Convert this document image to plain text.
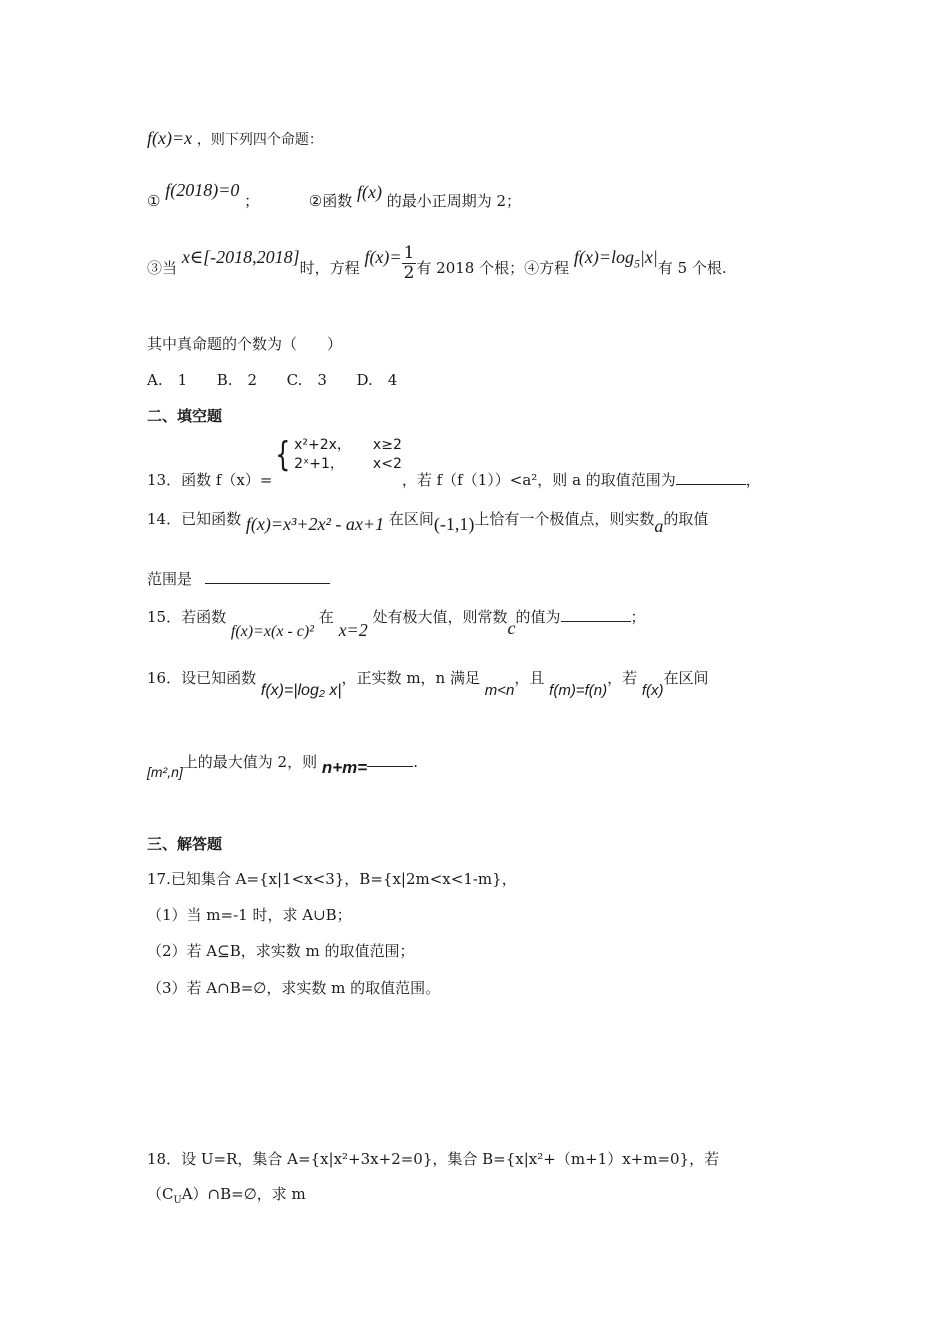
f(x)=x ，则下列四个命题：
① f(2018)=0 ；	②函数 f(x) 的最小正周期为 2；
③当 x∈[-2018,2018]时，方程 $f(x)= \frac{1}{2}$ 有 2018 个根；④方程 $f(x)=\log_5|x|$有 5 个根.
其中真命题的个数为（　　）
A.　1 B.　2 C.　3 D.　4
二、填空题
13．函数 f（x）={ x²+2x， x≥2
2ˣ+1，	x<2
，若 f（f（1））<a²，则 a 的取值范围为	，
14．已知函数 f(x)=x³+2x² - ax+1 在区间(-1,1)上恰有一个极值点，则实数a的取值
范围是
15．若函数 f(x)=x(x - c)² 在 x=2 处有极大值，则常数c的值为	；
16．设已知函数 f(x)=|log₂ x|，正实数 m，n 满足 m<n，且 f(m)=f(n)，若 f(x)在区间
[m²,n]上的最大值为 2，则 n+m=	.
三、解答题
17.已知集合 A={x|1<x<3}，B={x|2m<x<1-m}，
（1）当 m=-1 时，求 A∪B；
（2）若 A⊆B，求实数 m 的取值范围；
（3）若 A∩B=∅，求实数 m 的取值范围。
18．设 U=R，集合 A={x|x²+3x+2=0}，集合 B={x|x²+（m+1）x+m=0}，若
$(C_UA)\cap B=\emptyset$，求 m
